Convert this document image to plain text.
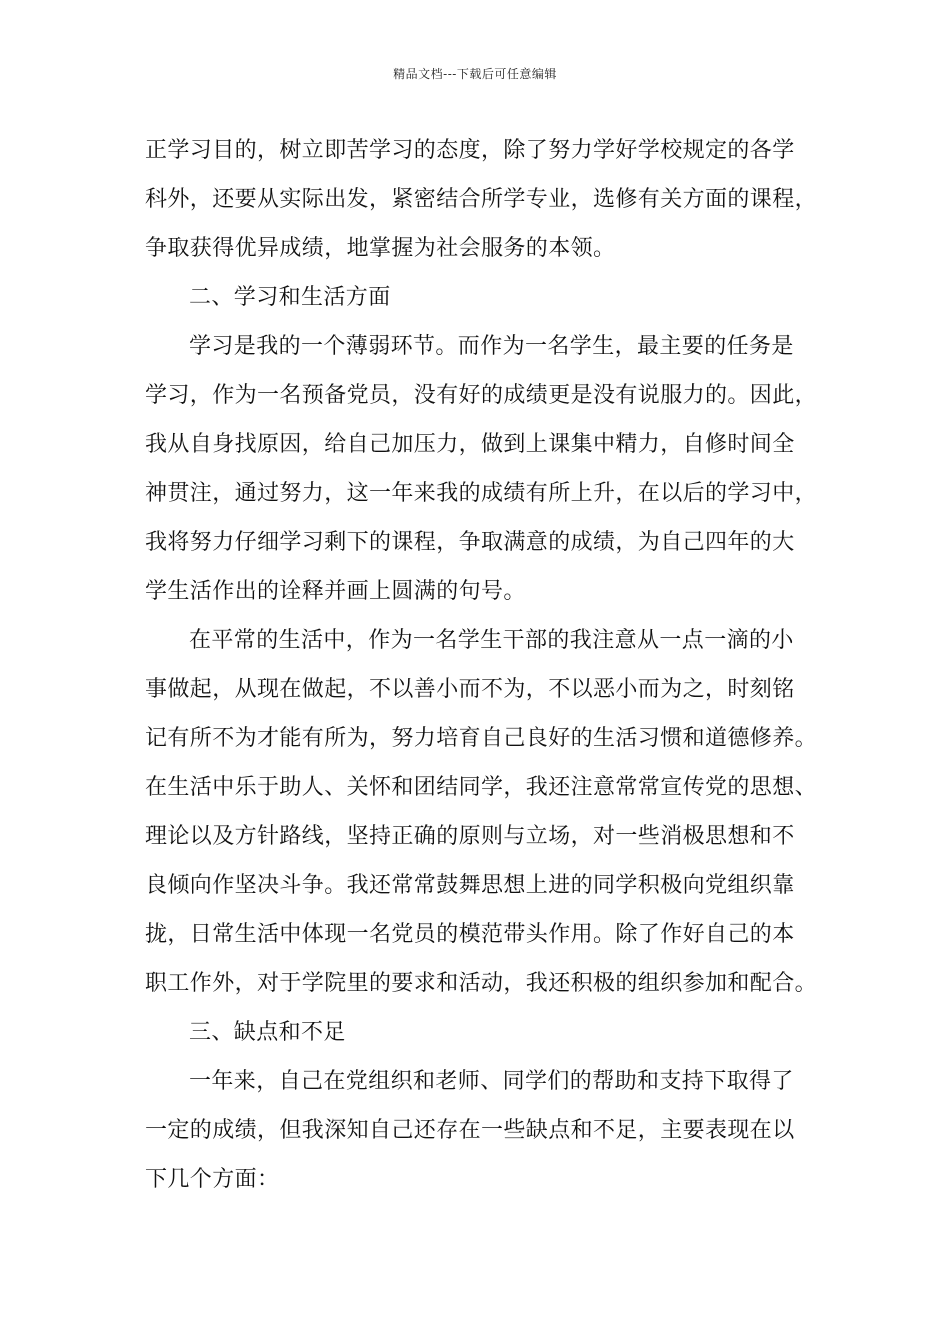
精品文档---下载后可任意编辑
正学习目的，树立即苦学习的态度，除了努力学好学校规定的各学
科外，还要从实际出发，紧密结合所学专业，选修有关方面的课程，
争取获得优异成绩，地掌握为社会服务的本领。
二、学习和生活方面
学习是我的一个薄弱环节。而作为一名学生，最主要的任务是
学习，作为一名预备党员，没有好的成绩更是没有说服力的。因此，
我从自身找原因，给自己加压力，做到上课集中精力，自修时间全
神贯注，通过努力，这一年来我的成绩有所上升，在以后的学习中，
我将努力仔细学习剩下的课程，争取满意的成绩，为自己四年的大
学生活作出的诠释并画上圆满的句号。
在平常的生活中，作为一名学生干部的我注意从一点一滴的小
事做起，从现在做起，不以善小而不为，不以恶小而为之，时刻铭
记有所不为才能有所为，努力培育自己良好的生活习惯和道德修养。
在生活中乐于助人、关怀和团结同学，我还注意常常宣传党的思想、
理论以及方针路线，坚持正确的原则与立场，对一些消极思想和不
良倾向作坚决斗争。我还常常鼓舞思想上进的同学积极向党组织靠
拢，日常生活中体现一名党员的模范带头作用。除了作好自己的本
职工作外，对于学院里的要求和活动，我还积极的组织参加和配合。
三、缺点和不足
一年来，自己在党组织和老师、同学们的帮助和支持下取得了
一定的成绩，但我深知自己还存在一些缺点和不足，主要表现在以
下几个方面：
